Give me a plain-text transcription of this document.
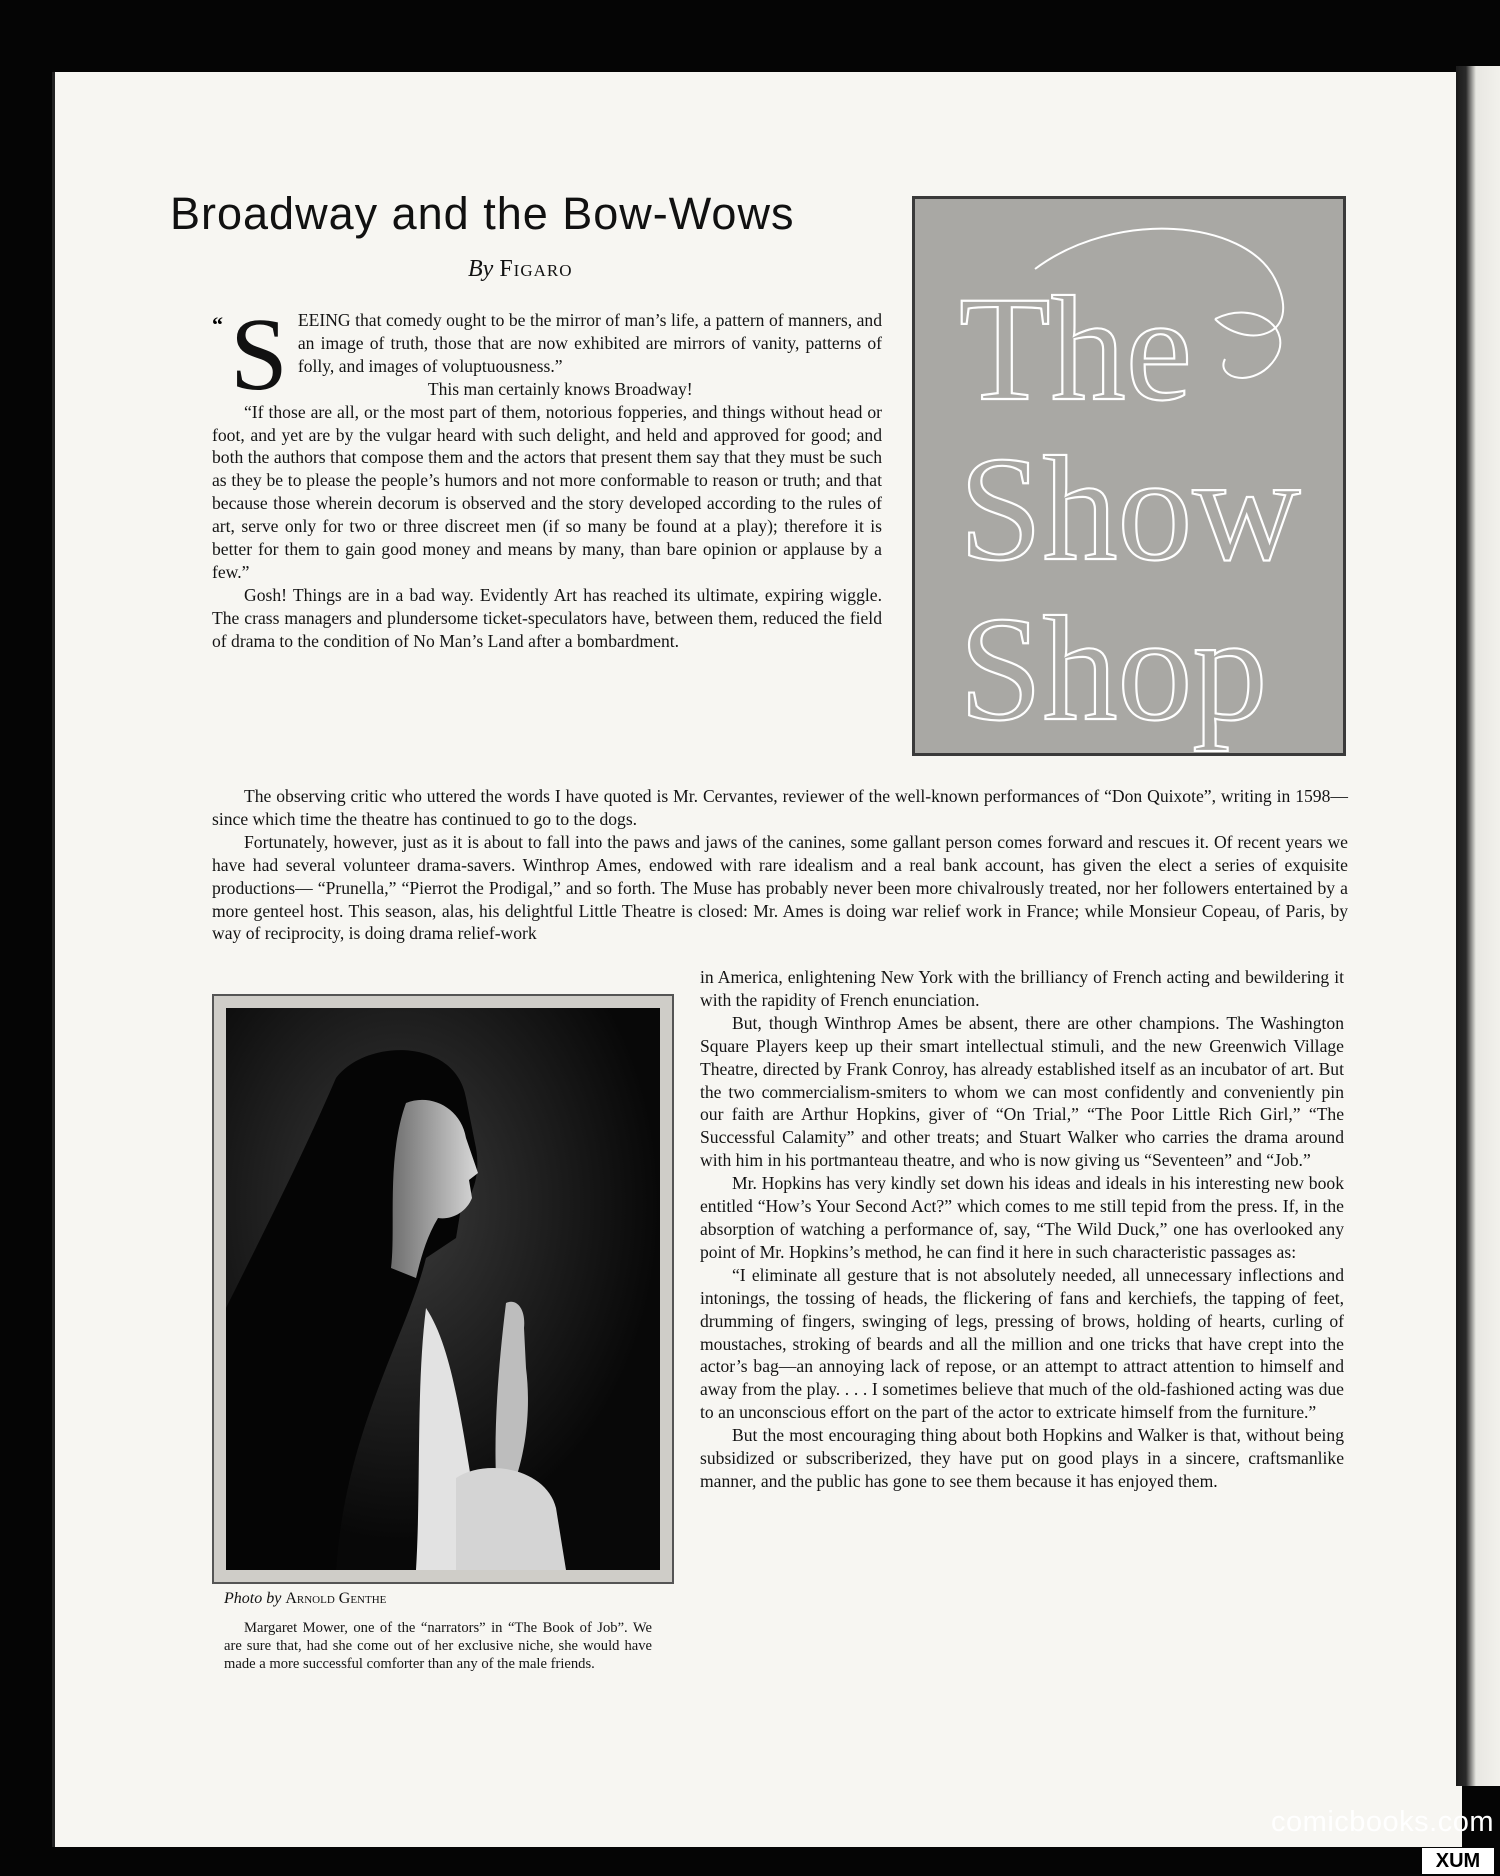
Broadway and the Bow-Wows
By Figaro	The
Show
Shop
“ SEEING that comedy ought to be the mirror of man’s life, a pattern of manners, and an image of truth, those that are now exhibited are mirrors of vanity, patterns of folly, and images of voluptuousness.”

This man certainly knows Broadway!

“If those are all, or the most part of them, notorious fopperies, and things without head or foot, and yet are by the vulgar heard with such delight, and held and approved for good; and both the authors that compose them and the actors that present them say that they must be such as they be to please the people’s humors and not more conformable to reason or truth; and that because those wherein decorum is observed and the story developed according to the rules of art, serve only for two or three discreet men (if so many be found at a play); therefore it is better for them to gain good money and means by many, than bare opinion or applause by a few.”

Gosh! Things are in a bad way. Evidently Art has reached its ultimate, expiring wiggle. The crass managers and plundersome ticket-speculators have, between them, reduced the field of drama to the condition of No Man’s Land after a bombardment.

The observing critic who uttered the words I have quoted is Mr. Cervantes, reviewer of the well-known performances of “Don Quixote”, writing in 1598—since which time the theatre has continued to go to the dogs.

Fortunately, however, just as it is about to fall into the paws and jaws of the canines, some gallant person comes forward and rescues it. Of recent years we have had several volunteer drama-savers. Winthrop Ames, endowed with rare idealism and a real bank account, has given the elect a series of exquisite productions— “Prunella,” “Pierrot the Prodigal,” and so forth. The Muse has probably never been more chivalrously treated, nor her followers entertained by a more genteel host. This season, alas, his delightful Little Theatre is closed: Mr. Ames is doing war relief work in France; while Monsieur Copeau, of Paris, by way of reciprocity, is doing drama relief-work

Photo by Arnold Genthe

Margaret Mower, one of the “narrators” in “The Book of Job”. We are sure that, had she come out of her exclusive niche, she would have made a more successful comforter than any of the male friends.

in America, enlightening New York with the brilliancy of French acting and bewildering it with the rapidity of French enunciation.

But, though Winthrop Ames be absent, there are other champions. The Washington Square Players keep up their smart intellectual stimuli, and the new Greenwich Village Theatre, directed by Frank Conroy, has already established itself as an incubator of art. But the two commercialism-smiters to whom we can most confidently and conveniently pin our faith are Arthur Hopkins, giver of “On Trial,” “The Poor Little Rich Girl,” “The Successful Calamity” and other treats; and Stuart Walker who carries the drama around with him in his portmanteau theatre, and who is now giving us “Seventeen” and “Job.”

Mr. Hopkins has very kindly set down his ideas and ideals in his interesting new book entitled “How’s Your Second Act?” which comes to me still tepid from the press. If, in the absorption of watching a performance of, say, “The Wild Duck,” one has overlooked any point of Mr. Hopkins’s method, he can find it here in such characteristic passages as:

“I eliminate all gesture that is not absolutely needed, all unnecessary inflections and intonings, the tossing of heads, the flickering of fans and kerchiefs, the tapping of feet, drumming of fingers, swinging of legs, pressing of brows, holding of hearts, curling of moustaches, stroking of beards and all the million and one tricks that have crept into the actor’s bag—an annoying lack of repose, or an attempt to attract attention to himself and away from the play. . . . I sometimes believe that much of the old-fashioned acting was due to an unconscious effort on the part of the actor to extricate himself from the furniture.”

But the most encouraging thing about both Hopkins and Walker is that, without being subsidized or subscriberized, they have put on good plays in a sincere, craftsmanlike manner, and the public has gone to see them because it has enjoyed them.

comicbooks.com
XUM
